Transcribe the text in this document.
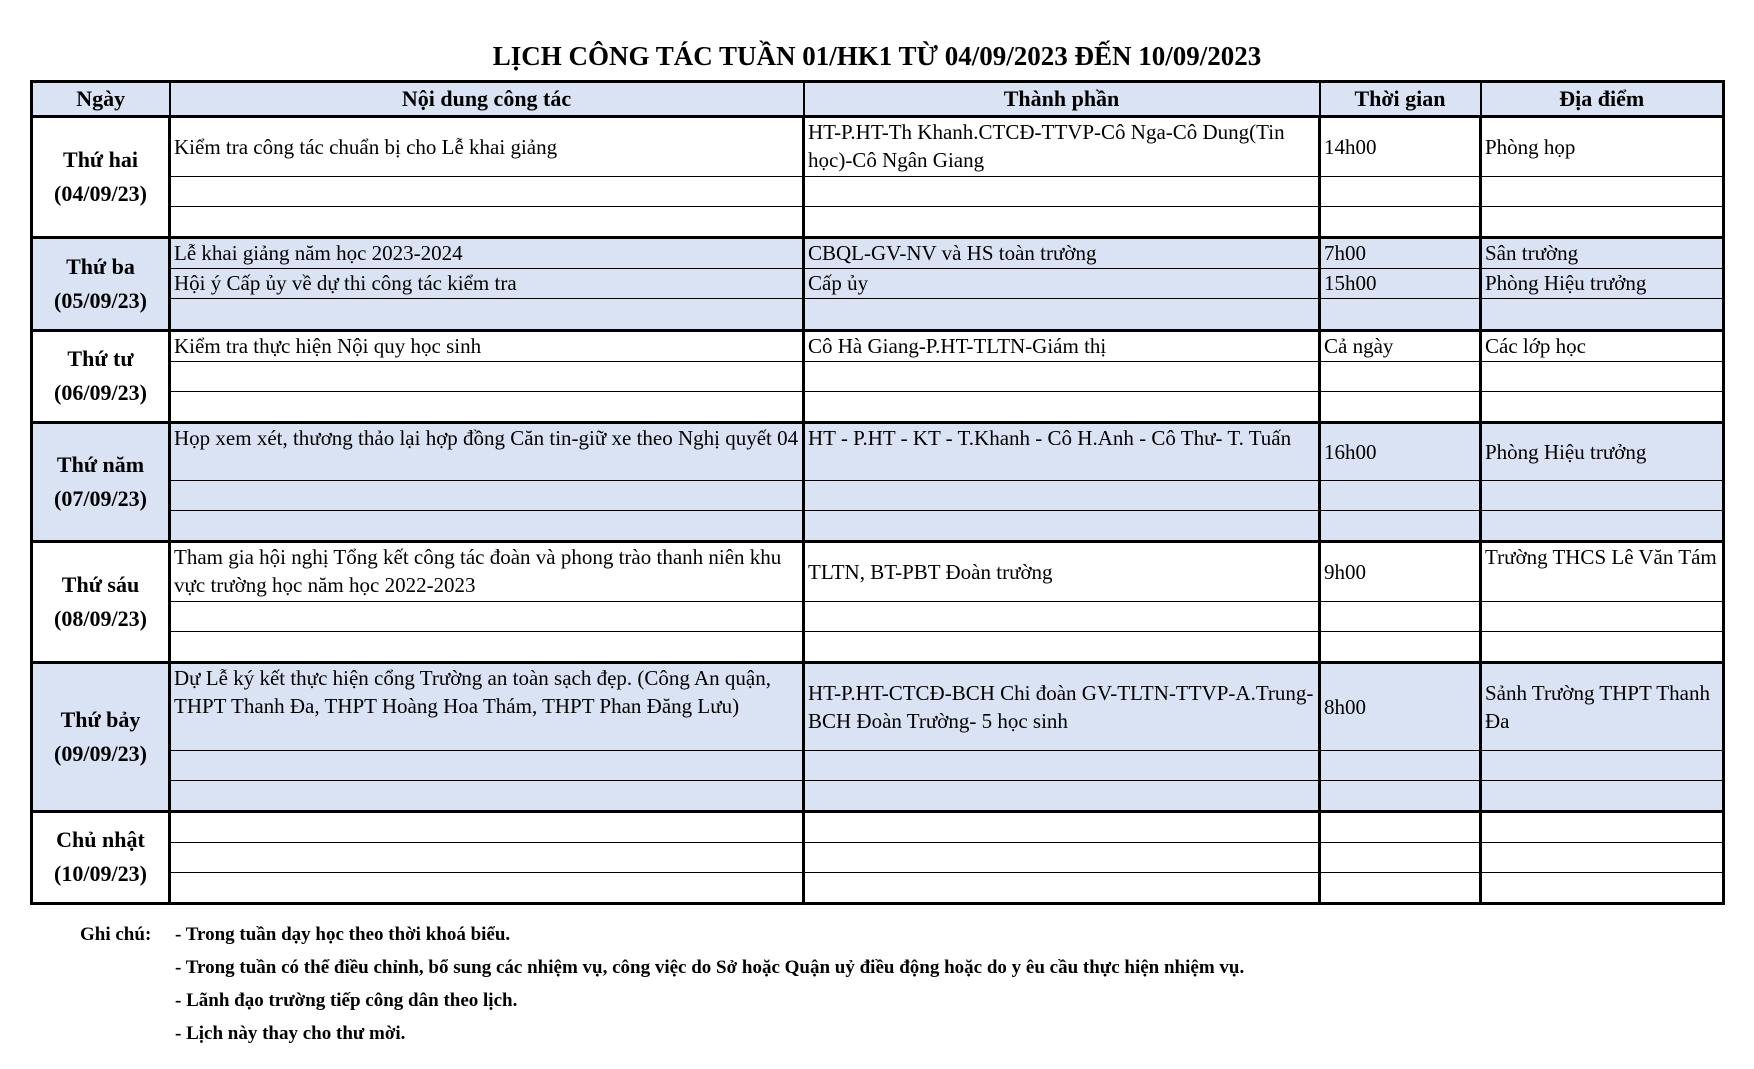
LỊCH CÔNG TÁC TUẦN 01/HK1 TỪ 04/09/2023 ĐẾN 10/09/2023
Ngày	Nội dung công tác	Thành phần	Thời gian	Địa điểm

Thứ hai
(04/09/23)	Kiểm tra công tác chuẩn bị cho Lễ khai giảng	HT-P.HT-Th Khanh.CTCĐ-TTVP-Cô Nga-Cô Dung(Tin học)-Cô Ngân Giang	14h00	Phòng họp

Thứ ba
(05/09/23)	Lễ khai giảng năm học 2023-2024	CBQL-GV-NV và HS toàn trường	7h00	Sân trường
	Hội ý Cấp ủy về dự thi công tác kiểm tra	Cấp ủy	15h00	Phòng Hiệu trưởng

Thứ tư
(06/09/23)	Kiểm tra thực hiện Nội quy học sinh	Cô Hà Giang-P.HT-TLTN-Giám thị	Cả ngày	Các lớp học

Thứ năm
(07/09/23)	Họp xem xét, thương thảo lại hợp đồng Căn tin-giữ xe theo Nghị quyết 04	HT - P.HT - KT - T.Khanh - Cô H.Anh - Cô Thư- T. Tuấn	16h00	Phòng Hiệu trưởng

Thứ sáu
(08/09/23)	Tham gia hội nghị Tổng kết công tác đoàn và phong trào thanh niên khu vực trường học năm học 2022-2023	TLTN, BT-PBT Đoàn trường	9h00	Trường THCS Lê Văn Tám

Thứ bảy
(09/09/23)	Dự Lễ ký kết thực hiện cổng Trường an toàn sạch đẹp. (Công An quận, THPT Thanh Đa, THPT Hoàng Hoa Thám, THPT Phan Đăng Lưu)	HT-P.HT-CTCĐ-BCH Chi đoàn GV-TLTN-TTVP-A.Trung-BCH Đoàn Trường- 5 học sinh	8h00	Sảnh Trường THPT Thanh Đa

Chủ nhật
(10/09/23)				

Ghi chú:	- Trong tuần dạy học theo thời khoá biểu.
- Trong tuần có thể điều chỉnh, bổ sung các nhiệm vụ, công việc do Sở hoặc Quận uỷ điều động hoặc do y êu cầu thực hiện nhiệm vụ.
- Lãnh đạo trường tiếp công dân theo lịch.
- Lịch này thay cho thư mời.
